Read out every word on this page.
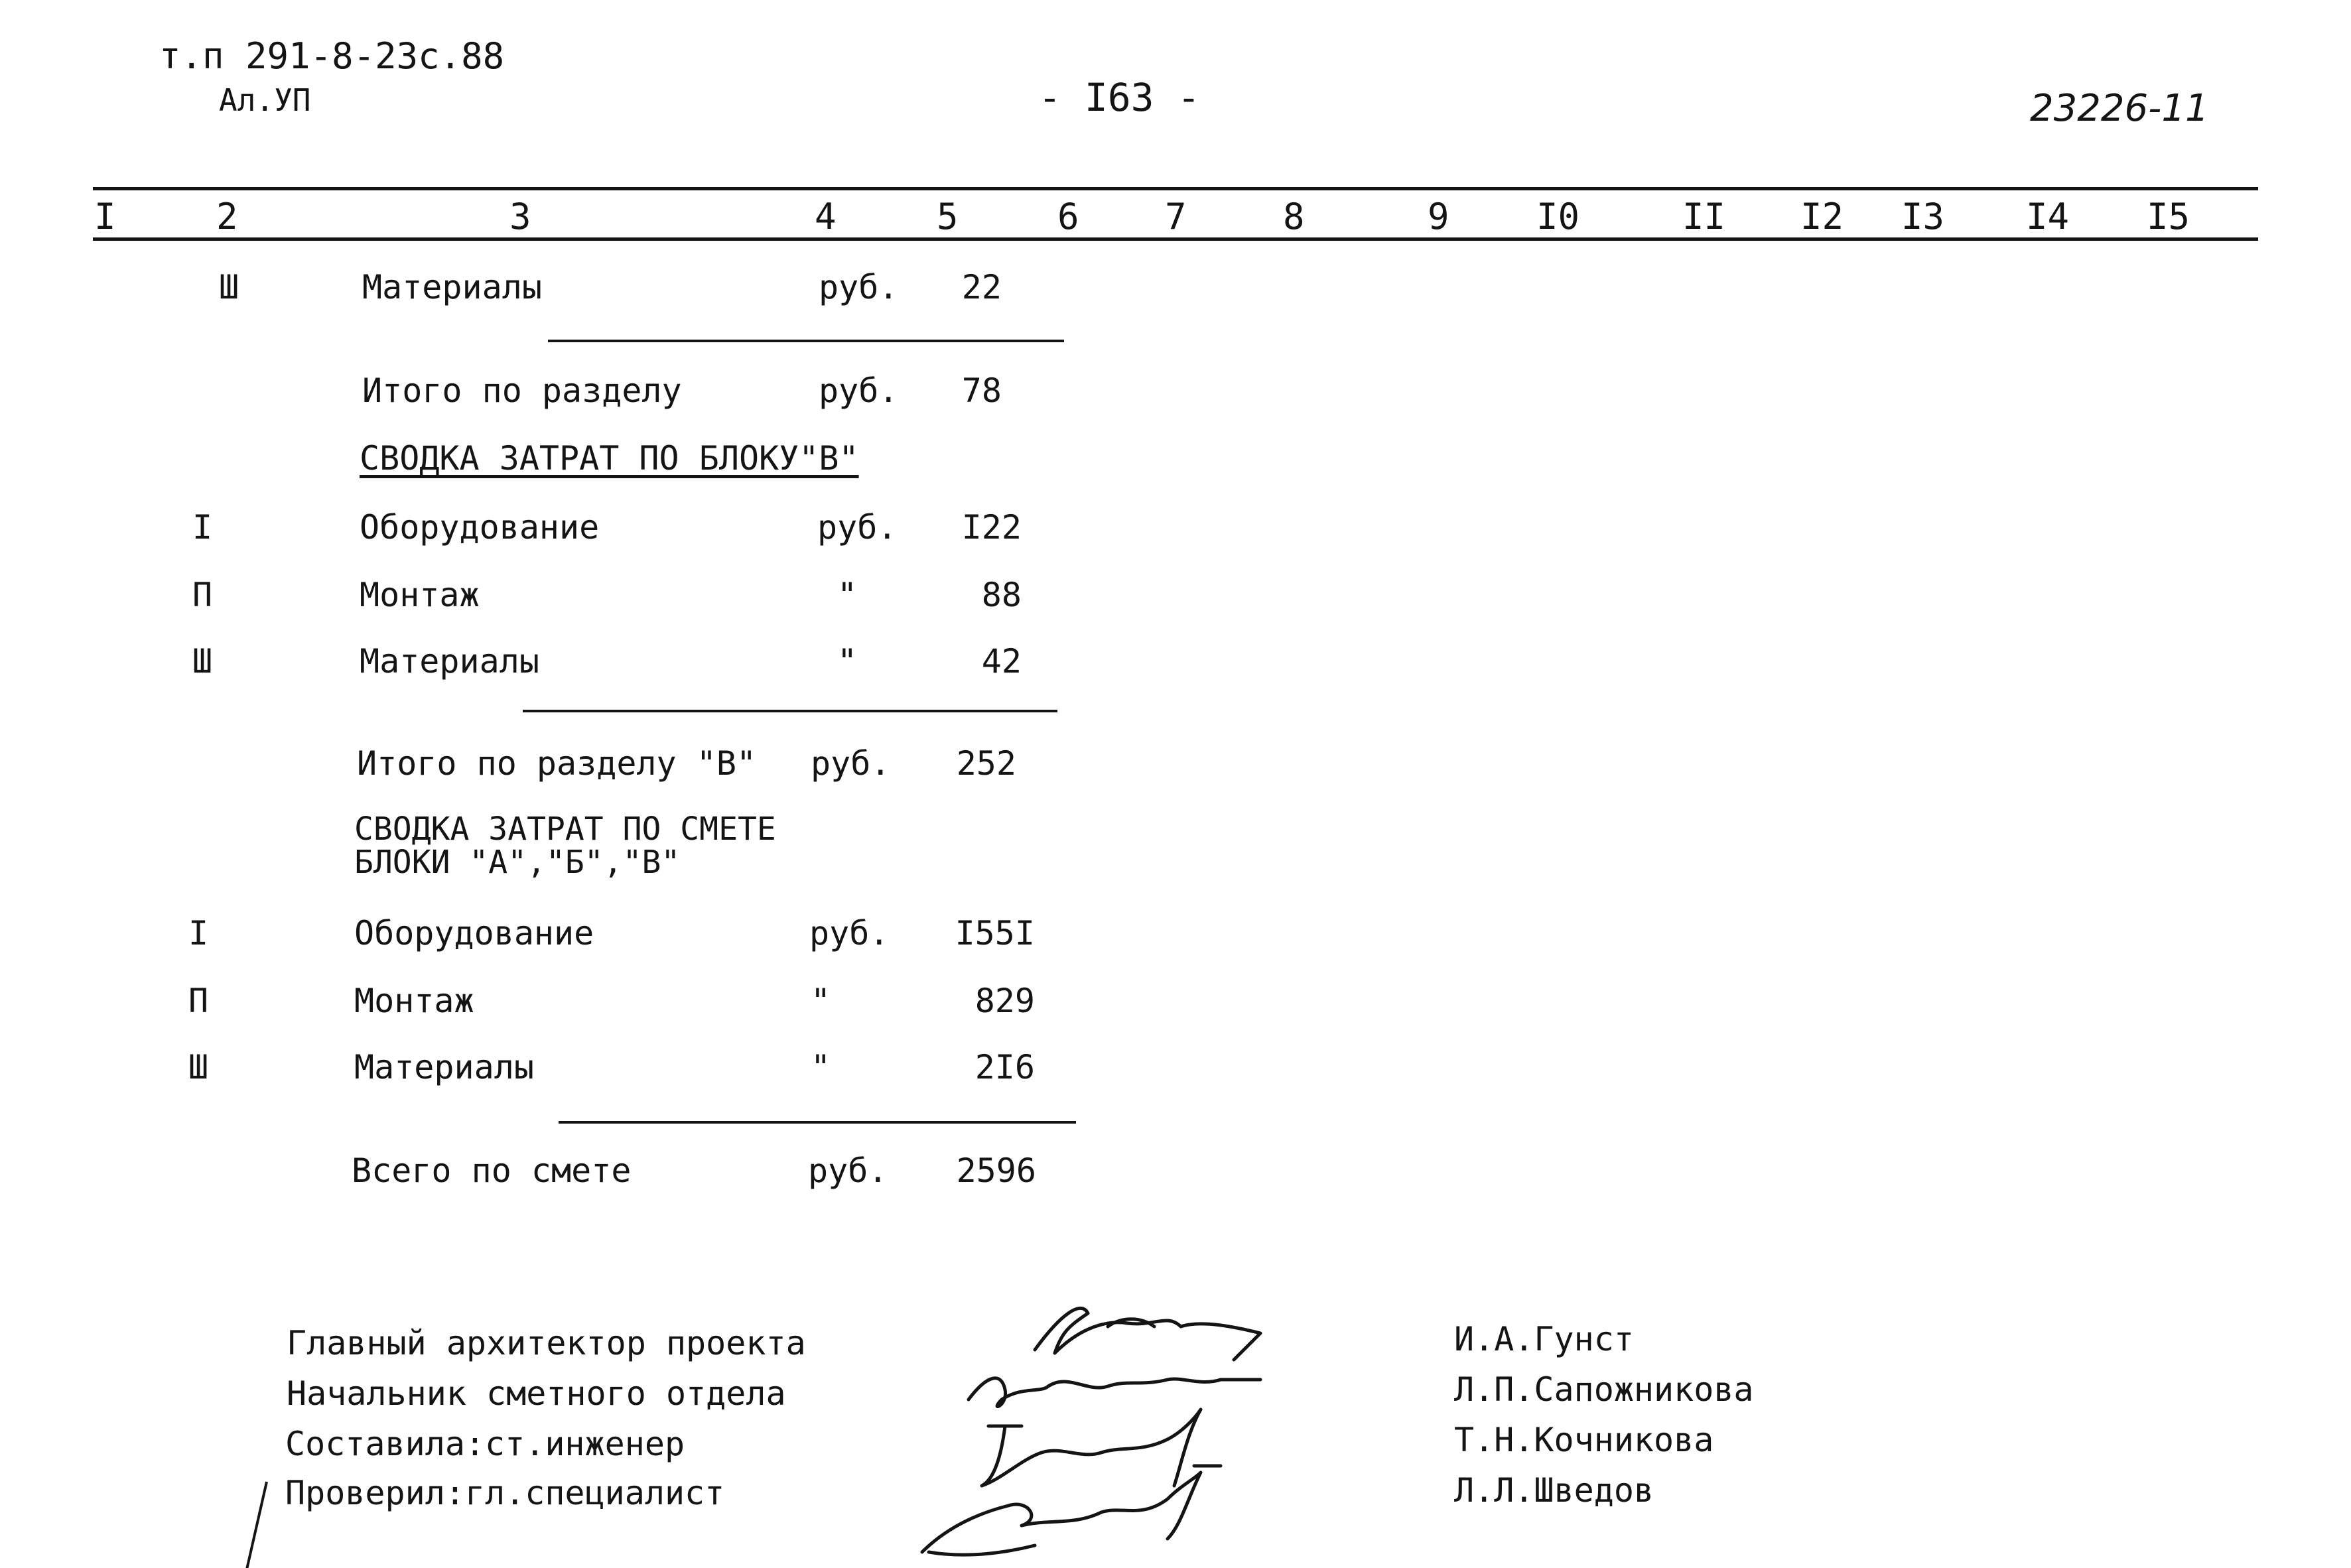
т.п 291-8-23с.88
Ал.УП	- I63 -	23226-11
I	2	3	4	5	6 7	8	9 I0	II I2 I3 I4 I5
Ш	Материалы	руб.	22
Итого по разделу	руб.	78
СВОДКА ЗАТРАТ ПО БЛОКУ"В"
I	Оборудование	руб.	I22
П	Монтаж	"	88
Ш	Материалы	"	42
Итого по разделу "В" руб.	252
СВОДКА ЗАТРАТ ПО СМЕТЕ
БЛОКИ "А","Б","В"
I	Оборудование	руб.	I55I
П	Монтаж	"	829
Ш	Материалы	"	2I6
Всего по смете	руб.	2596
Главный архитектор проекта
Начальник сметного отдела
Составила:ст.инженер
Проверил:гл.специалист
И.А.Гунст
Л.П.Сапожникова
Т.Н.Кочникова
Л.Л.Шведов
